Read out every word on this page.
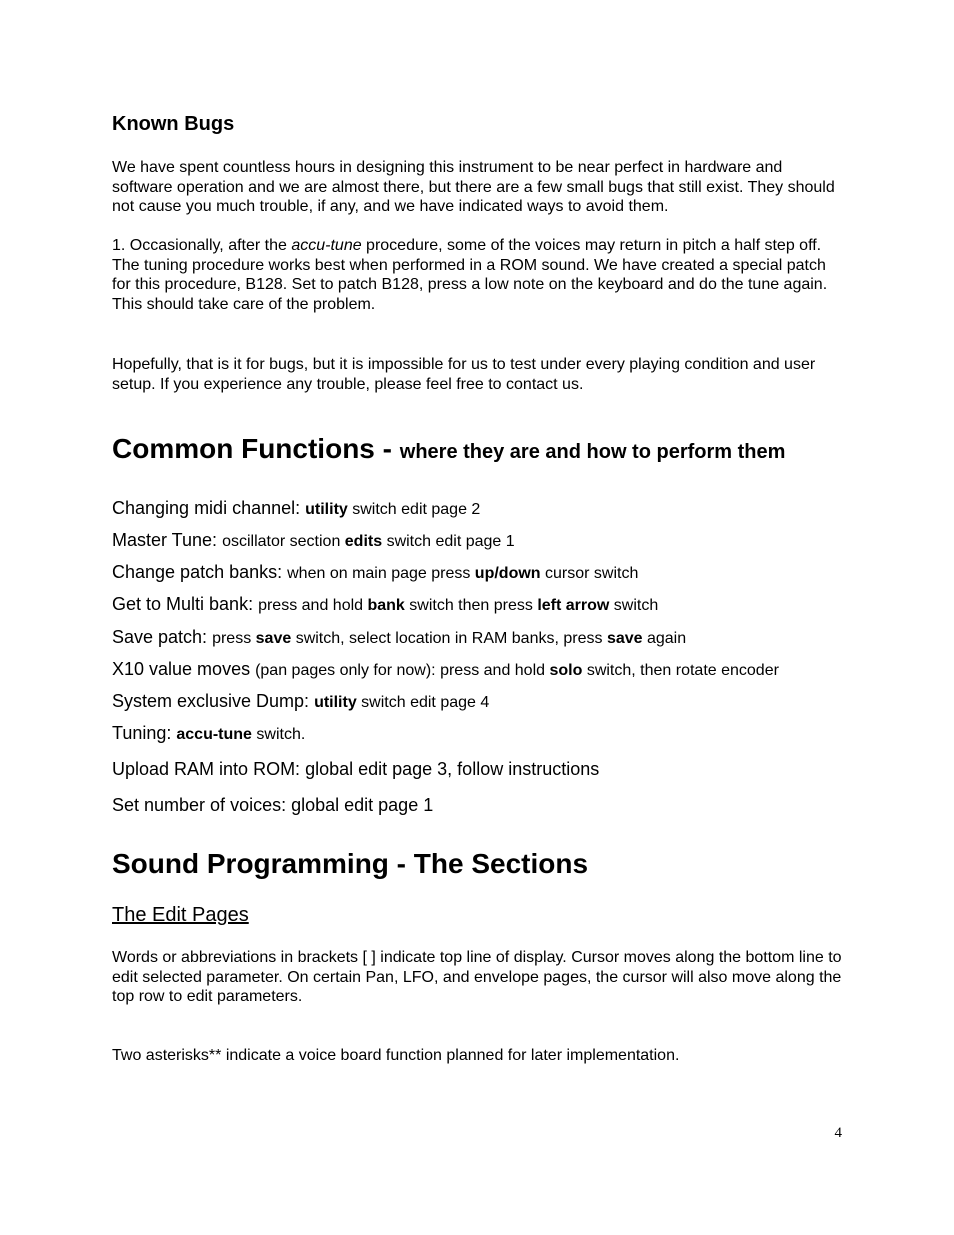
Known Bugs

We have spent countless hours in designing this instrument to be near perfect in hardware and software operation and we are almost there, but there are a few small bugs that still exist. They should not cause you much trouble, if any, and we have indicated ways to avoid them.

1. Occasionally, after the accu-tune procedure, some of the voices may return in pitch a half step off. The tuning procedure works best when performed in a ROM sound. We have created a special patch for this procedure, B128. Set to patch B128, press a low note on the keyboard and do the tune again. This should take care of the problem.

Hopefully, that is it for bugs, but it is impossible for us to test under every playing condition and user setup. If you experience any trouble, please feel free to contact us.

Common Functions - where they are and how to perform them
Changing midi channel: utility switch edit page 2
Master Tune: oscillator section edits switch edit page 1
Change patch banks: when on main page press up/down cursor switch
Get to Multi bank: press and hold bank switch then press left arrow switch
Save patch: press save switch, select location in RAM banks, press save again
X10 value moves (pan pages only for now): press and hold solo switch, then rotate encoder
System exclusive Dump: utility switch edit page 4
Tuning: accu-tune switch.
Upload RAM into ROM: global edit page 3, follow instructions
Set number of voices: global edit page 1
Sound Programming - The Sections
The Edit Pages

Words or abbreviations in brackets [ ] indicate top line of display. Cursor moves along the bottom line to edit selected parameter. On certain Pan, LFO, and envelope pages, the cursor will also move along the top row to edit parameters.

Two asterisks** indicate a voice board function planned for later implementation.

4
